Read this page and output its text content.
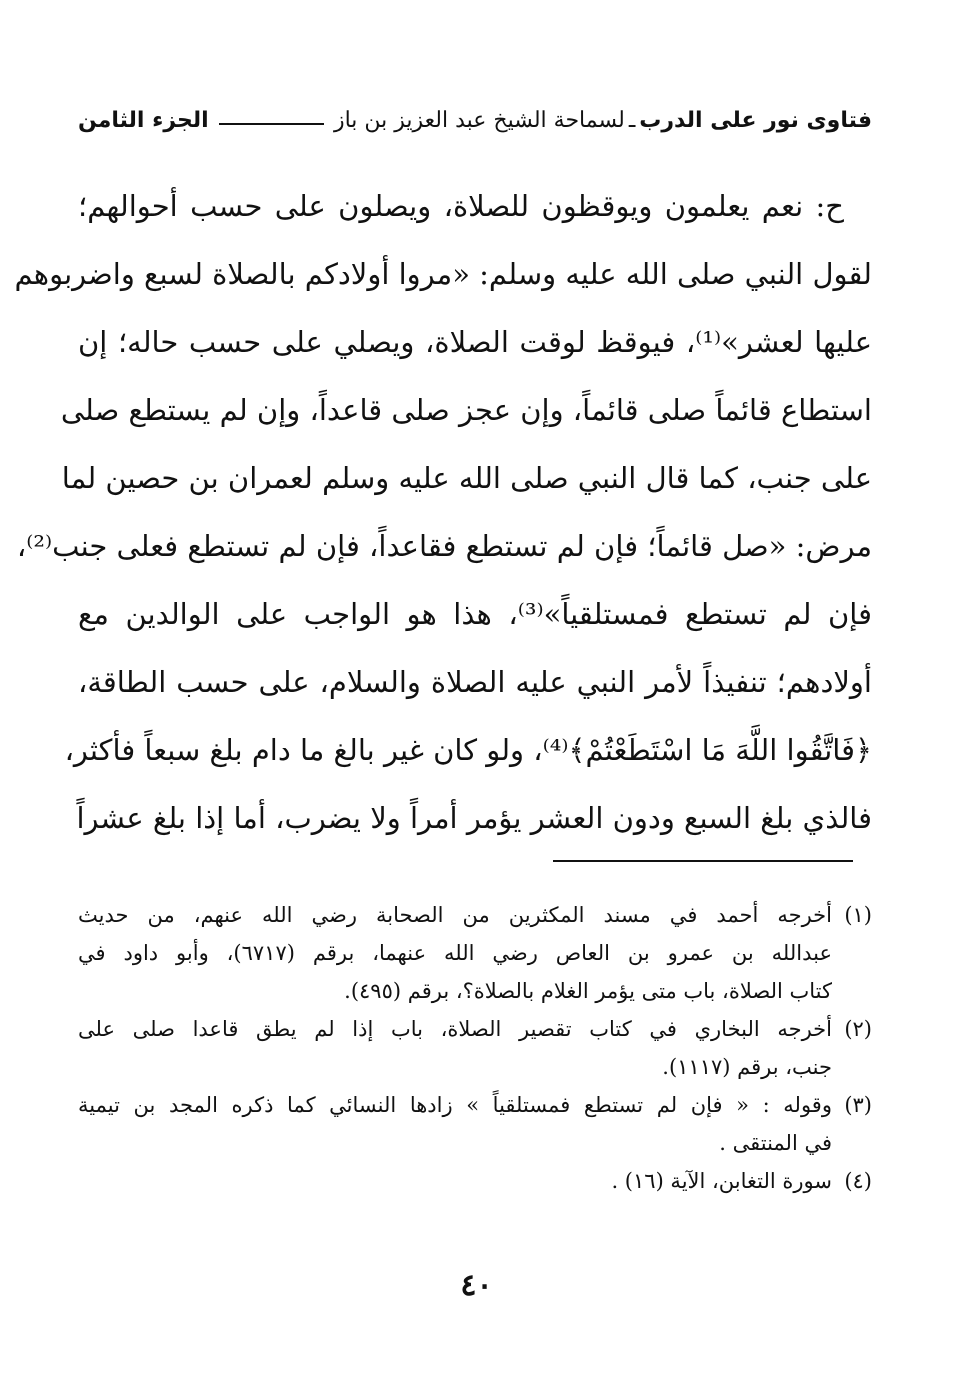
فتاوى نور على الدرب
ـ
لسماحة الشيخ عبد العزيز بن باز
الجزء الثامن
ح: نعم يعلمون ويوقظون للصلاة، ويصلون على حسب أحوالهم؛
لقول النبي صلى الله عليه وسلم: «مروا أولادكم بالصلاة لسبع واضربوهم
عليها لعشر»⁽¹⁾، فيوقظ لوقت الصلاة، ويصلي على حسب حاله؛ إن
استطاع قائماً صلى قائماً، وإن عجز صلى قاعداً، وإن لم يستطع صلى
على جنب، كما قال النبي صلى الله عليه وسلم لعمران بن حصين لما
مرض: «صل قائماً؛ فإن لم تستطع فقاعداً، فإن لم تستطع فعلى جنب⁽²⁾،
فإن لم تستطع فمستلقياً»⁽³⁾، هذا هو الواجب على الوالدين مع
أولادهم؛ تنفيذاً لأمر النبي عليه الصلاة والسلام، على حسب الطاقة،
﴿فَاتَّقُوا اللَّهَ مَا اسْتَطَعْتُمْ﴾⁽⁴⁾، ولو كان غير بالغ ما دام بلغ سبعاً فأكثر،
فالذي بلغ السبع ودون العشر يؤمر أمراً ولا يضرب، أما إذا بلغ عشراً
(١)
أخرجه أحمد في مسند المكثرين من الصحابة رضي الله عنهم، من حديث
عبدالله بن عمرو بن العاص رضي الله عنهما، برقم (٦٧١٧)، وأبو داود في
كتاب الصلاة، باب متى يؤمر الغلام بالصلاة؟، برقم (٤٩٥).
(٢)
أخرجه البخاري في كتاب تقصير الصلاة، باب إذا لم يطق قاعدا صلى على
جنب، برقم (١١١٧).
(٣)
وقوله : « فإن لم تستطع فمستلقياً » زادها النسائي كما ذكره المجد بن تيمية
في المنتقى .
(٤)
سورة التغابن، الآية (١٦) .
٤٠
